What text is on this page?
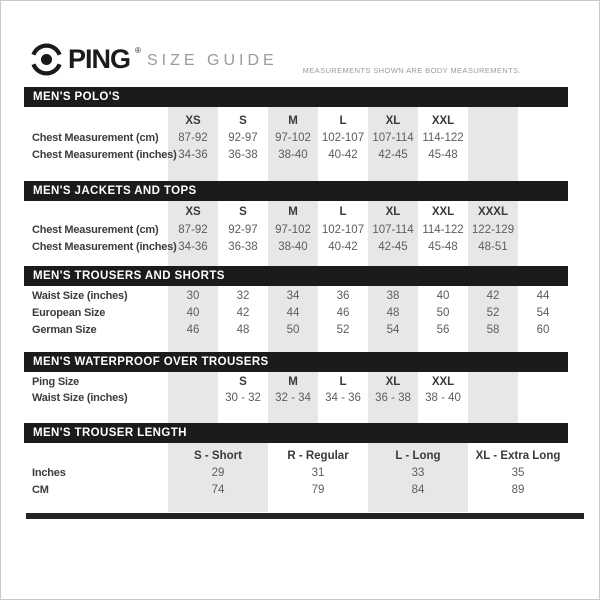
PING ®
SIZE GUIDE
MEASUREMENTS SHOWN ARE BODY MEASUREMENTS.
MEN'S POLO'S
XS	S	M	L	XL	XXL
Chest Measurement (cm)	87-92	92-97	97-102 102-107 107-114 114-122
Chest Measurement (inches) 34-36	36-38	38-40	40-42	42-45	45-48
MEN'S JACKETS AND TOPS
XS	S	M	L	XL	XXL	XXXL
Chest Measurement (cm)	87-92	92-97	97-102 102-107 107-114 114-122 122-129
Chest Measurement (inches) 34-36	36-38	38-40	40-42	42-45	45-48	48-51
MEN'S TROUSERS AND SHORTS
Waist Size (inches)	30	32	34	36	38	40	42	44
European Size	40	42	44	46	48	50	52	54
German Size	46	48	50	52	54	56	58	60
MEN'S WATERPROOF OVER TROUSERS
Ping Size	S	M	L	XL	XXL
Waist Size (inches)	30 - 32	32 - 34	34 - 36	36 - 38	38 - 40
MEN'S TROUSER LENGTH
S - Short	R - Regular	L - Long	XL - Extra Long
Inches	29	31	33	35
CM	74	79	84	89
